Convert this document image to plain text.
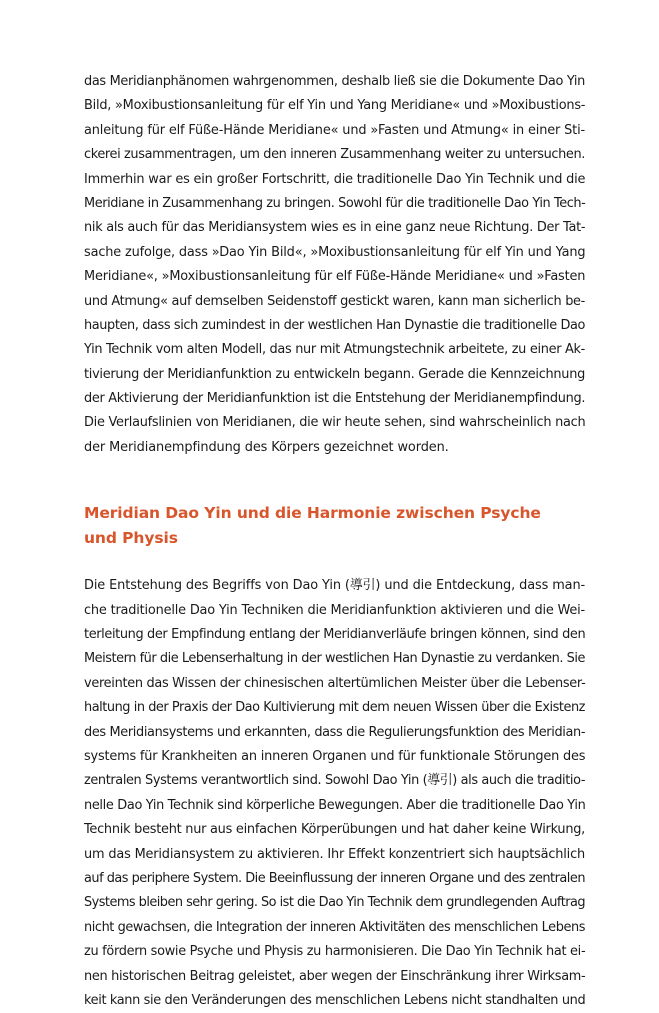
das Meridianphänomen wahrgenommen, deshalb ließ sie die Dokumente Dao Yin
Bild, »Moxibustionsanleitung für elf Yin und Yang Meridiane« und »Moxibustions-
anleitung für elf Füße-Hände Meridiane« und »Fasten und Atmung« in einer Sti-
ckerei zusammentragen, um den inneren Zusammenhang weiter zu untersuchen.
Immerhin war es ein großer Fortschritt, die traditionelle Dao Yin Technik und die
Meridiane in Zusammenhang zu bringen. Sowohl für die traditionelle Dao Yin Tech-
nik als auch für das Meridiansystem wies es in eine ganz neue Richtung. Der Tat-
sache zufolge, dass »Dao Yin Bild«, »Moxibustionsanleitung für elf Yin und Yang
Meridiane«, »Moxibustionsanleitung für elf Füße-Hände Meridiane« und »Fasten
und Atmung« auf demselben Seidenstoff gestickt waren, kann man sicherlich be-
haupten, dass sich zumindest in der westlichen Han Dynastie die traditionelle Dao
Yin Technik vom alten Modell, das nur mit Atmungstechnik arbeitete, zu einer Ak-
tivierung der Meridianfunktion zu entwickeln begann. Gerade die Kennzeichnung
der Aktivierung der Meridianfunktion ist die Entstehung der Meridianempfindung.
Die Verlaufslinien von Meridianen, die wir heute sehen, sind wahrscheinlich nach
der Meridianempfindung des Körpers gezeichnet worden.
Meridian Dao Yin und die Harmonie zwischen Psyche
und Physis
Die Entstehung des Begriffs von Dao Yin (導引) und die Entdeckung, dass man-
che traditionelle Dao Yin Techniken die Meridianfunktion aktivieren und die Wei-
terleitung der Empfindung entlang der Meridianverläufe bringen können, sind den
Meistern für die Lebenserhaltung in der westlichen Han Dynastie zu verdanken. Sie
vereinten das Wissen der chinesischen altertümlichen Meister über die Lebenser-
haltung in der Praxis der Dao Kultivierung mit dem neuen Wissen über die Existenz
des Meridiansystems und erkannten, dass die Regulierungsfunktion des Meridian-
systems für Krankheiten an inneren Organen und für funktionale Störungen des
zentralen Systems verantwortlich sind. Sowohl Dao Yin (導引) als auch die traditio-
nelle Dao Yin Technik sind körperliche Bewegungen. Aber die traditionelle Dao Yin
Technik besteht nur aus einfachen Körperübungen und hat daher keine Wirkung,
um das Meridiansystem zu aktivieren. Ihr Effekt konzentriert sich hauptsächlich
auf das periphere System. Die Beeinflussung der inneren Organe und des zentralen
Systems bleiben sehr gering. So ist die Dao Yin Technik dem grundlegenden Auftrag
nicht gewachsen, die Integration der inneren Aktivitäten des menschlichen Lebens
zu fördern sowie Psyche und Physis zu harmonisieren. Die Dao Yin Technik hat ei-
nen historischen Beitrag geleistet, aber wegen der Einschränkung ihrer Wirksam-
keit kann sie den Veränderungen des menschlichen Lebens nicht standhalten und
